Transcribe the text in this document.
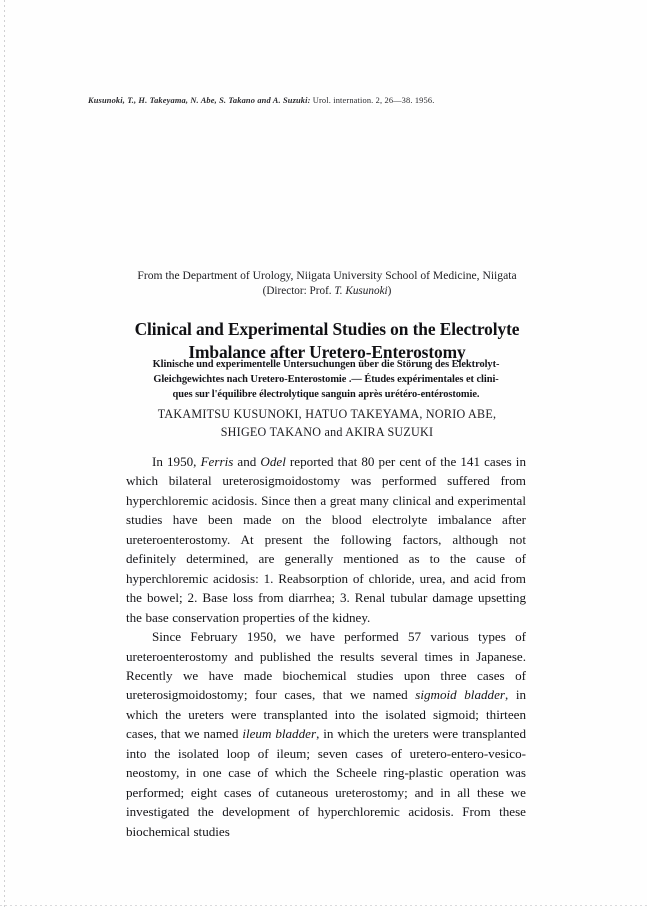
Kusunoki, T., H. Takeyama, N. Abe, S. Takano and A. Suzuki: Urol. internation. 2, 26—38. 1956.
From the Department of Urology, Niigata University School of Medicine, Niigata
(Director: Prof. T. Kusunoki)
Clinical and Experimental Studies on the Electrolyte
Imbalance after Uretero-Enterostomy
Klinische und experimentelle Untersuchungen über die Störung des Elektrolyt-
Gleichgewichtes nach Uretero-Enterostomie .— Études expérimentales et clini-
ques sur l'équilibre électrolytique sanguin après urétéro-entérostomie.
TAKAMITSU KUSUNOKI, HATUO TAKEYAMA, NORIO ABE,
SHIGEO TAKANO and AKIRA SUZUKI

In 1950, Ferris and Odel reported that 80 per cent of the 141 cases in which bilateral ureterosigmoidostomy was performed suffered from hyperchloremic acidosis. Since then a great many clinical and experimental studies have been made on the blood electrolyte imbalance after ureteroenterostomy. At present the following factors, although not definitely determined, are generally mentioned as to the cause of hyperchloremic acidosis: 1. Reabsorption of chloride, urea, and acid from the bowel; 2. Base loss from diarrhea; 3. Renal tubular damage upsetting the base conservation properties of the kidney.

Since February 1950, we have performed 57 various types of ureteroenterostomy and published the results several times in Japanese. Recently we have made biochemical studies upon three cases of ureterosigmoidostomy; four cases, that we named sigmoid bladder, in which the ureters were transplanted into the isolated sigmoid; thirteen cases, that we named ileum bladder, in which the ureters were transplanted into the isolated loop of ileum; seven cases of uretero-entero-vesico-neostomy, in one case of which the Scheele ring-plastic operation was performed; eight cases of cutaneous ureterostomy; and in all these we investigated the development of hyperchloremic acidosis. From these biochemical studies
